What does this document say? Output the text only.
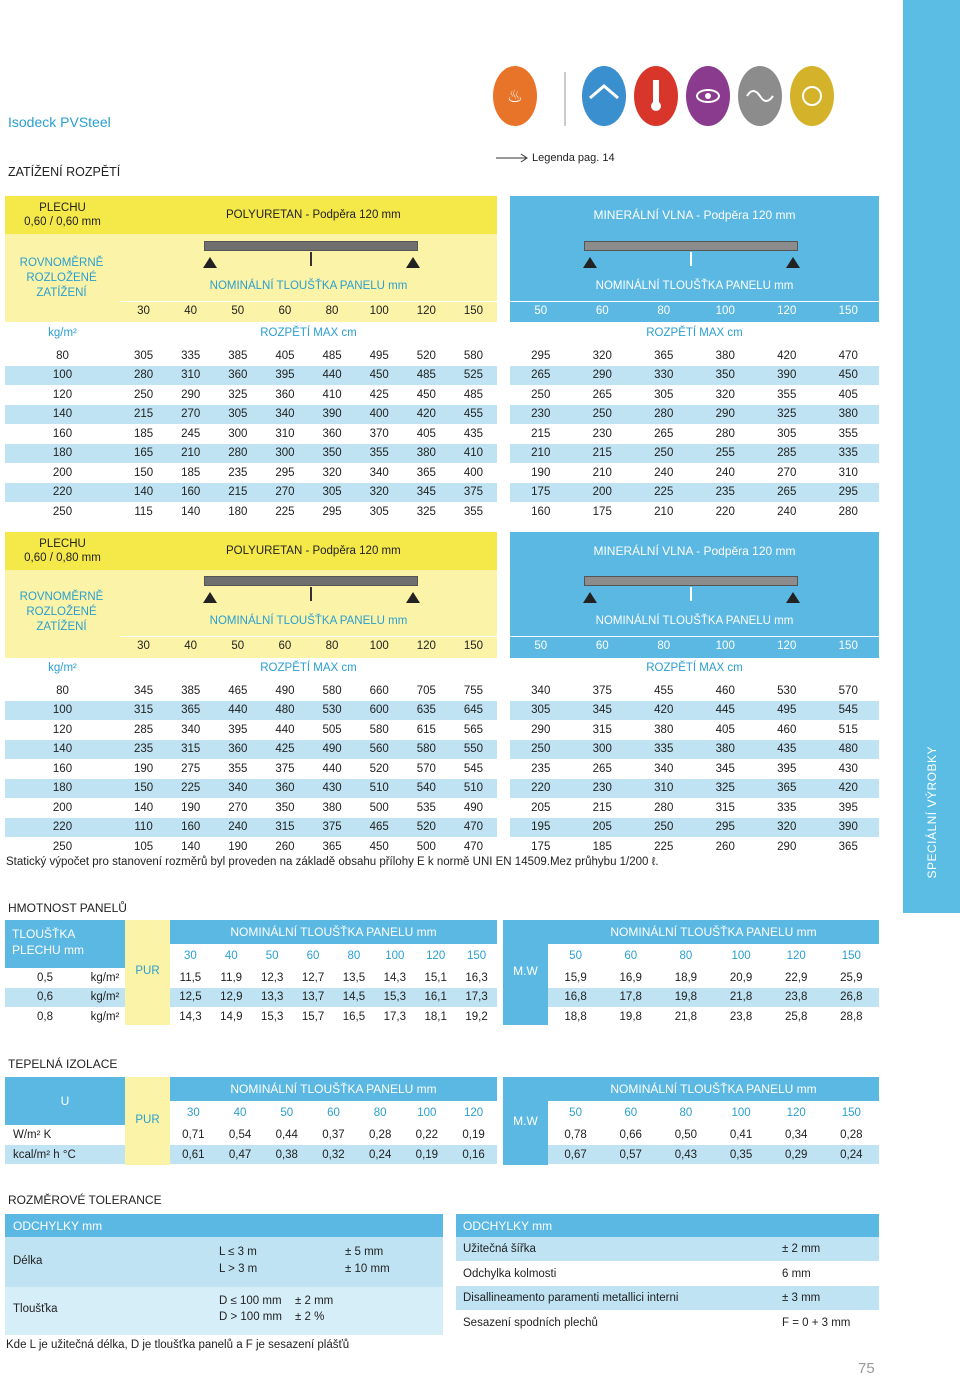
SPECIÁLNÍ VÝROBKY
Isodeck PVSteel
ZATÍŽENÍ ROZPĚTÍ
Legenda pag. 14
♨
PLECHU
0,60 / 0,60 mm
POLYURETAN - Podpěra 120 mm	MINERÁLNÍ VLNA - Podpěra 120 mm
ROVNOMĚRNĚ ROZLOŽENÉ ZATÍŽENÍ
NOMINÁLNÍ TLOUŠŤKA PANELU mm	NOMINÁLNÍ TLOUŠŤKA PANELU mm
30	40	50	60	80	100	120	150	50	60	80	100	120	150
kg/m²	ROZPĚTÍ MAX cm	ROZPĚTÍ MAX cm
80	305	335	385	405	485	495	520	580	295	320	365	380	420	470
100	280	310	360	395	440	450	485	525	265	290	330	350	390	450
120	250	290	325	360	410	425	450	485	250	265	305	320	355	405
140	215	270	305	340	390	400	420	455	230	250	280	290	325	380
160	185	245	300	310	360	370	405	435	215	230	265	280	305	355
180	165	210	280	300	350	355	380	410	210	215	250	255	285	335
200	150	185	235	295	320	340	365	400	190	210	240	240	270	310
220	140	160	215	270	305	320	345	375	175	200	225	235	265	295
250	115	140	180	225	295	305	325	355	160	175	210	220	240	280
PLECHU
0,60 / 0,80 mm
POLYURETAN - Podpěra 120 mm	MINERÁLNÍ VLNA - Podpěra 120 mm
ROVNOMĚRNĚ ROZLOŽENÉ ZATÍŽENÍ	NOMINÁLNÍ TLOUŠŤKA PANELU mm	NOMINÁLNÍ TLOUŠŤKA PANELU mm
30	40	50	60	80	100	120	150	50	60	80	100	120	150
kg/m²	ROZPĚTÍ MAX cm	ROZPĚTÍ MAX cm
80	345	385	465	490	580	660	705	755	340	375	455	460	530	570
100	315	365	440	480	530	600	635	645	305	345	420	445	495	545
120	285	340	395	440	505	580	615	565	290	315	380	405	460	515
140	235	315	360	425	490	560	580	550	250	300	335	380	435	480
160	190	275	355	375	440	520	570	545	235	265	340	345	395	430
180	150	225	340	360	430	510	540	510	220	230	310	325	365	420
200	140	190	270	350	380	500	535	490	205	215	280	315	335	395
220	110	160	240	315	375	465	520	470	195	205	250	295	320	390
250	105	140	190	260	365	450	500	470	175	185	225	260	290	365
Statický výpočet pro stanovení rozměrů byl proveden na základě obsahu přílohy E k normě UNI EN 14509.Mez průhybu 1/200 ℓ.
HMOTNOST PANELŮ
TLOUŠŤKA PLECHU mm
PUR
NOMINÁLNÍ TLOUŠŤKA PANELU mm
30	40	50	60	80	100	120	150
M.W
NOMINÁLNÍ TLOUŠŤKA PANELU mm
50	60	80	100	120	150
0,5	kg/m²	11,5	11,9	12,3	12,7	13,5	14,3	15,1	16,3	15,9	16,9	18,9	20,9	22,9	25,9
0,6	kg/m²	12,5	12,9	13,3	13,7	14,5	15,3	16,1	17,3	16,8	17,8	19,8	21,8	23,8	26,8
0,8	kg/m²	14,3	14,9	15,3	15,7	16,5	17,3	18,1	19,2	18,8	19,8	21,8	23,8	25,8	28,8
TEPELNÁ IZOLACE
U
PUR
NOMINÁLNÍ TLOUŠŤKA PANELU mm
30	40	50	60	80	100	120
M.W
NOMINÁLNÍ TLOUŠŤKA PANELU mm
50	60	80	100	120	150
W/m² K	0,71	0,54	0,44	0,37	0,28	0,22	0,19	0,78	0,66	0,50	0,41	0,34	0,28
kcal/m² h °C	0,61	0,47	0,38	0,32	0,24	0,19	0,16	0,67	0,57	0,43	0,35	0,29	0,24
ROZMĚROVÉ TOLERANCE
ODCHYLKY mm
Délka
L ≤ 3 m	± 5 mm
L > 3 m	± 10 mm
Tloušťka
D ≤ 100 mm ± 2 mm
D > 100 mm ± 2 %
ODCHYLKY mm
Užitečná šířka	± 2 mm
Odchylka kolmosti	6 mm
Disallineamento paramenti metallici interni	± 3 mm
Sesazení spodních plechů	F = 0 + 3 mm
Kde L je užitečná délka, D je tloušťka panelů a F je sesazení plášťů
75
